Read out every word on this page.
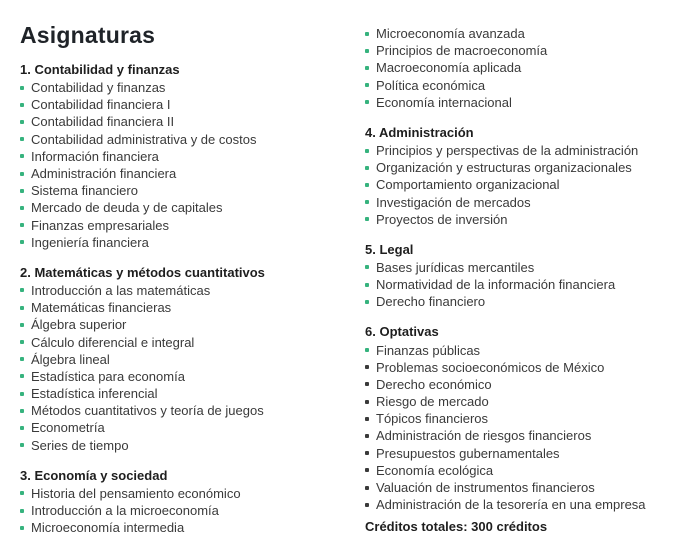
Asignaturas
1. Contabilidad y finanzas
Contabilidad y finanzas
Contabilidad financiera I
Contabilidad financiera II
Contabilidad administrativa y de costos
Información financiera
Administración financiera
Sistema financiero
Mercado de deuda y de capitales
Finanzas empresariales
Ingeniería financiera
2. Matemáticas y métodos cuantitativos
Introducción a las matemáticas
Matemáticas financieras
Álgebra superior
Cálculo diferencial e integral
Álgebra lineal
Estadística para economía
Estadística inferencial
Métodos cuantitativos y teoría de juegos
Econometría
Series de tiempo
3. Economía y sociedad
Historia del pensamiento económico
Introducción a la microeconomía
Microeconomía intermedia
Microeconomía avanzada
Principios de macroeconomía
Macroeconomía aplicada
Política económica
Economía internacional
4. Administración
Principios y perspectivas de la administración
Organización y estructuras organizacionales
Comportamiento organizacional
Investigación de mercados
Proyectos de inversión
5. Legal
Bases jurídicas mercantiles
Normatividad de la información financiera
Derecho financiero
6. Optativas
Finanzas públicas
Problemas socioeconómicos de México
Derecho económico
Riesgo de mercado
Tópicos financieros
Administración de riesgos financieros
Presupuestos gubernamentales
Economía ecológica
Valuación de instrumentos financieros
Administración de la tesorería en una empresa
Créditos totales: 300 créditos
